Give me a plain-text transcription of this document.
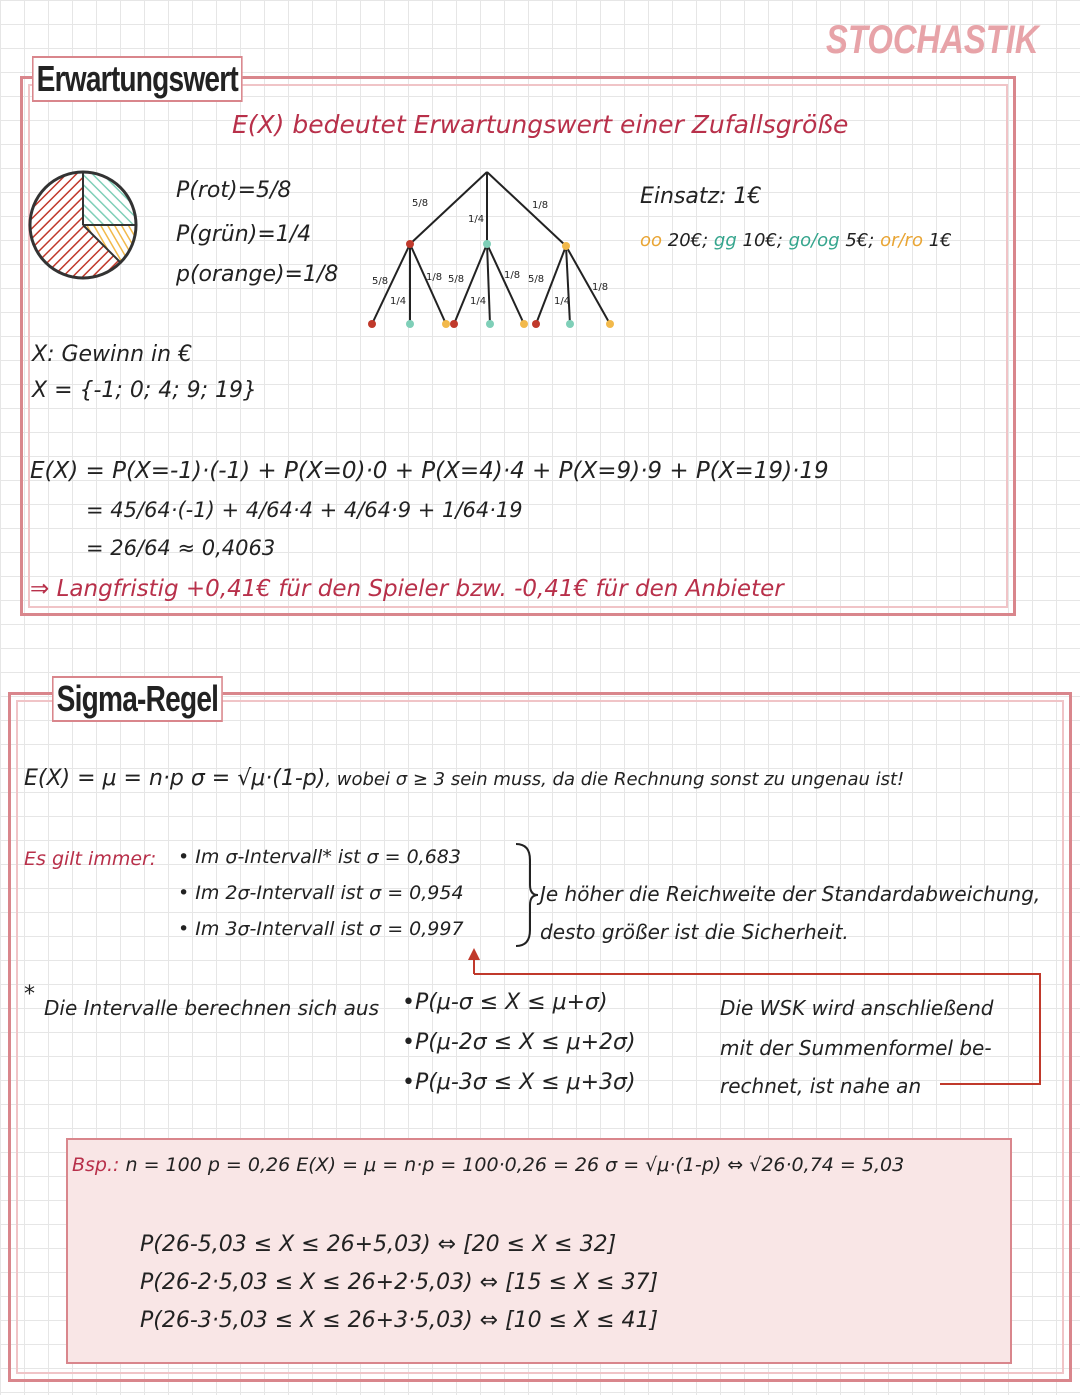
STOCHASTIK
Erwartungswert
E(X) bedeutet Erwartungswert einer Zufallsgröße
P(rot)=5/8
P(grün)=1/4
p(orange)=1/8
5/8
1/4
1/8
5/8
1/4
1/8 5/8
1/4
1/8 5/8
1/4
1/8
Einsatz: 1€
oo 20€; gg 10€; go/og 5€; or/ro 1€
X: Gewinn in €
X = {-1; 0; 4; 9; 19}
E(X) = P(X=-1)·(-1) + P(X=0)·0 + P(X=4)·4 + P(X=9)·9 + P(X=19)·19
= 45/64·(-1) + 4/64·4 + 4/64·9 + 1/64·19
= 26/64 ≈ 0,4063
⇒ Langfristig +0,41€ für den Spieler bzw. -0,41€ für den Anbieter
Sigma-Regel
E(X) = μ = n·p σ = √μ·(1-p), wobei σ ≥ 3 sein muss, da die Rechnung sonst zu ungenau ist!
Es gilt immer: • Im σ-Intervall* ist σ = 0,683
• Im 2σ-Intervall ist σ = 0,954
• Im 3σ-Intervall ist σ = 0,997
Je höher die Reichweite der Standardabweichung,
desto größer ist die Sicherheit.
*
Die Intervalle berechnen sich aus •P(μ-σ ≤ X ≤ μ+σ)
•P(μ-2σ ≤ X ≤ μ+2σ)
•P(μ-3σ ≤ X ≤ μ+3σ)
Die WSK wird anschließend
mit der Summenformel be-
rechnet, ist nahe an
Bsp.: n = 100 p = 0,26 E(X) = μ = n·p = 100·0,26 = 26 σ = √μ·(1-p) ⇔ √26·0,74 = 5,03
P(26-5,03 ≤ X ≤ 26+5,03) ⇔ [20 ≤ X ≤ 32]
P(26-2·5,03 ≤ X ≤ 26+2·5,03) ⇔ [15 ≤ X ≤ 37]
P(26-3·5,03 ≤ X ≤ 26+3·5,03) ⇔ [10 ≤ X ≤ 41]
